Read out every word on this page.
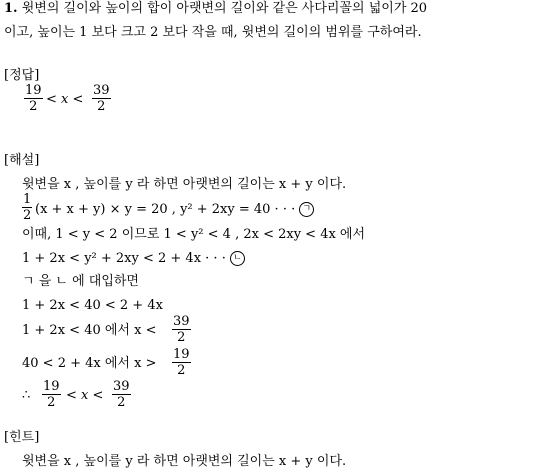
1. 윗변의 길이와 높이의 합이 아랫변의 길이와 같은 사다리꼴의 넓이가 20
이고, 높이는 1 보다 크고 2 보다 작을 때, 윗변의 길이의 범위를 구하여라.
[정답]
$\frac{19}{2} < x < \frac{39}{2}$
[해설]
윗변을 x , 높이를 y 라 하면 아랫변의 길이는 x + y 이다.
$\frac{1}{2} (x + x + y) \times y = 20$ , y² + 2xy = 40 · · · ㄱ
이때, 1 < y < 2 이므로 1 < y² < 4 , 2x < 2xy < 4x 에서
1 + 2x < y² + 2xy < 2 + 4x · · · ㄴ
ㄱ 을 ㄴ 에 대입하면
1 + 2x < 40 < 2 + 4x
1 + 2x < 40 에서 $x < \frac{39}{2}$
40 < 2 + 4x 에서 $x > \frac{19}{2}$
∴ $\frac{19}{2} < x < \frac{39}{2}$
[힌트]
윗변을 x , 높이를 y 라 하면 아랫변의 길이는 x + y 이다.
